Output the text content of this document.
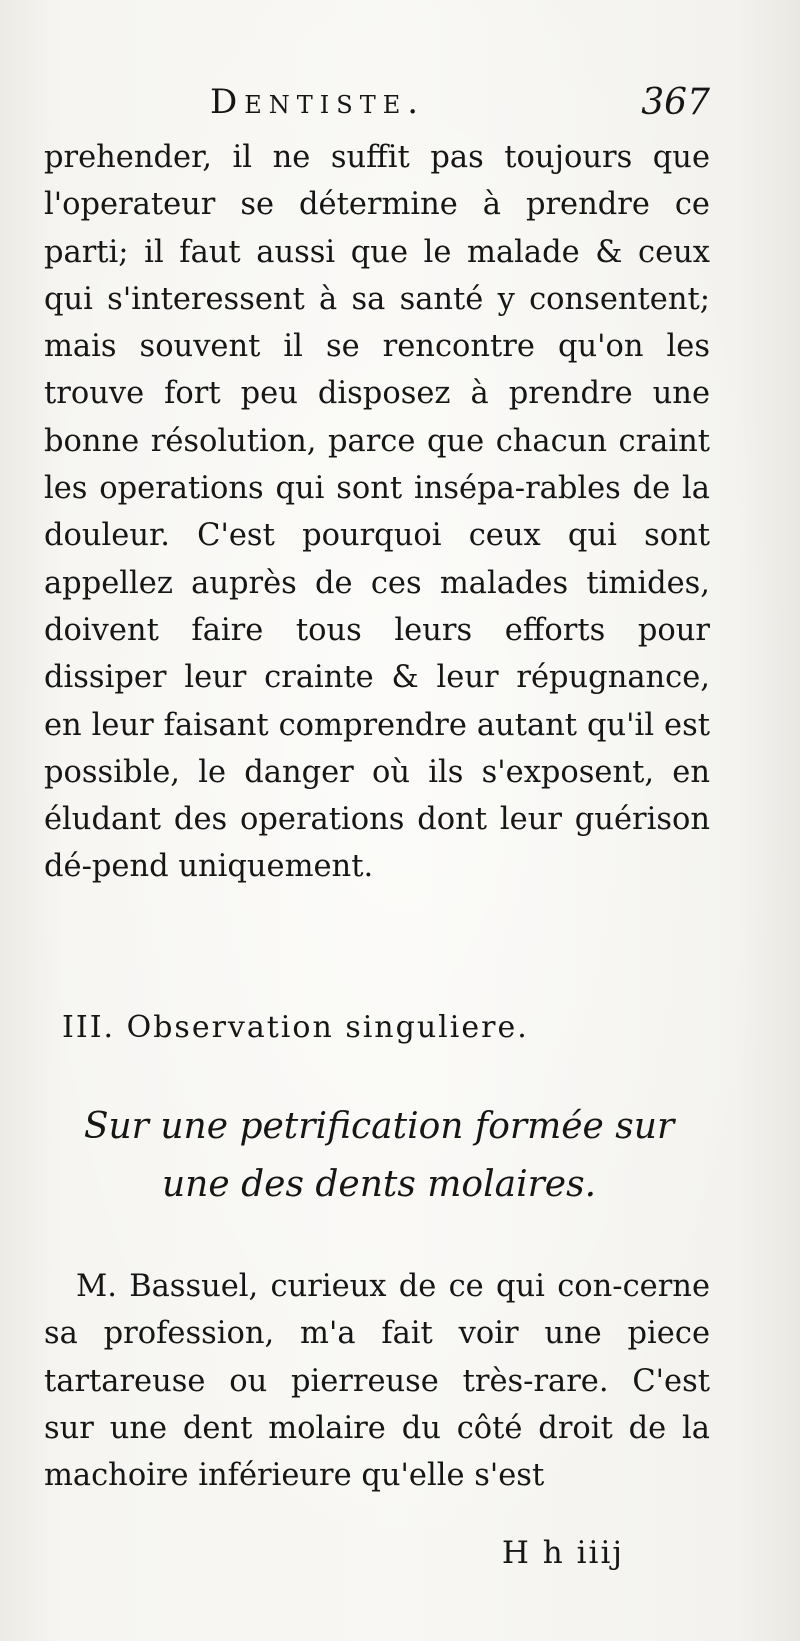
Dentiste.	367
prehender, il ne suffit pas toujours que l'operateur se détermine à prendre ce parti; il faut aussi que le malade & ceux qui s'interessent à sa santé y consentent; mais souvent il se rencontre qu'on les trouve fort peu disposez à prendre une bonne résolution, parce que chacun craint les operations qui sont insépa-rables de la douleur. C'est pourquoi ceux qui sont appellez auprès de ces malades timides, doivent faire tous leurs efforts pour dissiper leur crainte & leur répugnance, en leur faisant comprendre autant qu'il est possible, le danger où ils s'exposent, en éludant des operations dont leur guérison dé-pend uniquement.
III. Observation singuliere.
Sur une petrification formée sur une des dents molaires.
M. Bassuel, curieux de ce qui con-cerne sa profession, m'a fait voir une piece tartareuse ou pierreuse très-rare. C'est sur une dent molaire du côté droit de la machoire inférieure qu'elle s'est
H h iiij
